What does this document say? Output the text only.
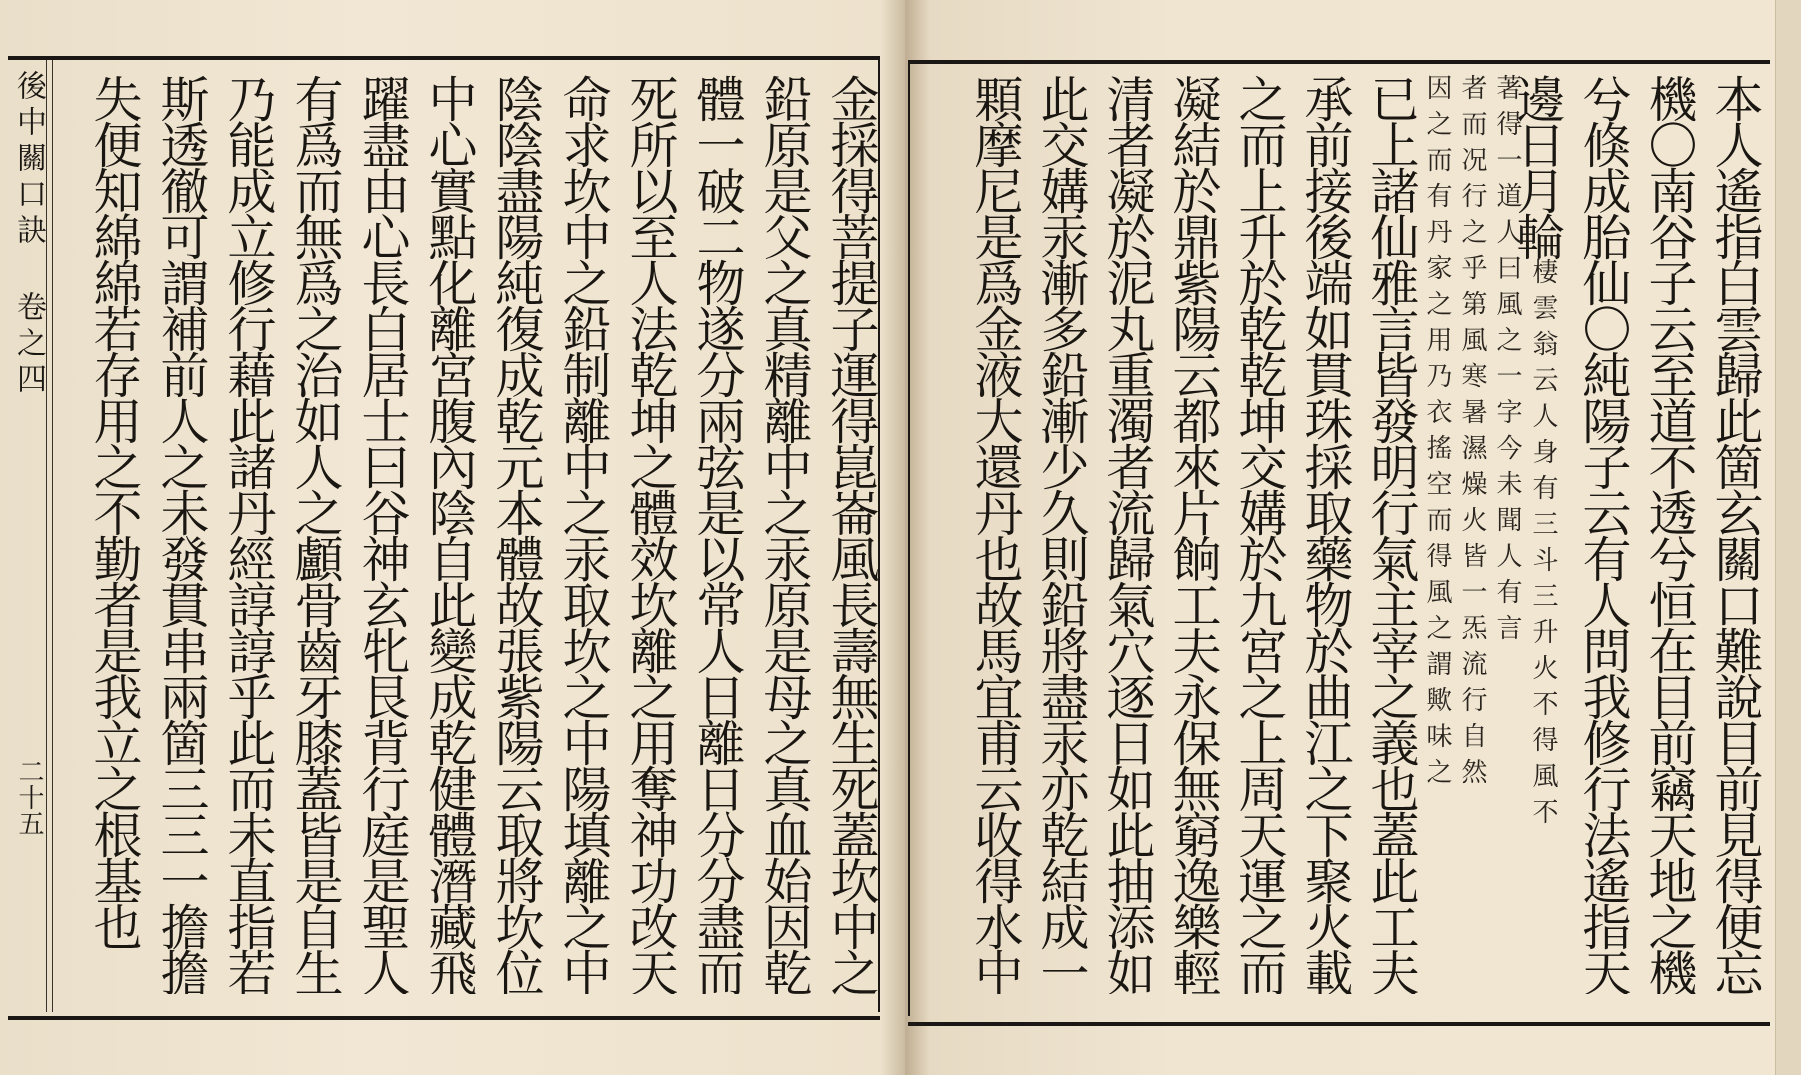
後中關口訣 卷之四
二十五	金採得菩提子運得崑崙風長壽無生死蓋坎中之
鉛原是父之真精離中之汞原是母之真血始因乾
體一破二物遂分兩弦是以常人日離日分分盡而
死所以至人法乾坤之體效坎離之用奪神功改天
命求坎中之鉛制離中之汞取坎之中陽填離之中
陰陰盡陽純復成乾元本體故張紫陽云取將坎位
中心實點化離宮腹內陰自此變成乾健體潛藏飛
躍盡由心長白居士曰谷神玄牝艮背行庭是聖人
有爲而無爲之治如人之顱骨齒牙膝蓋皆是自生
乃能成立修行藉此諸丹經諄諄乎此而未直指若
斯透徹可謂補前人之未發貫串兩箇三三一擔擔
失便知綿綿若存用之不勤者是我立之根基也	本人遙指白雲歸此箇玄關口難說目前見得便忘
機〇南谷子云至道不透兮恒在目前竊天地之機
兮倏成胎仙〇純陽子云有人問我修行法遙指天
邊日月輪
棲雲翁云人身有三斗三升火不得風不
著得一道人曰風之一字今未聞人有言
者而况行之乎第風寒暑濕燥火皆一炁流行自然
因之而有丹家之用乃衣搖空而得風之謂歟味之
已上諸仙雅言皆發明行氣主宰之義也蓋此工夫
承前接後端如貫珠採取藥物於曲江之下聚火載
之而上升於乾乾坤交媾於九宮之上周天運之而
凝結於鼎紫陽云都來片餉工夫永保無窮逸樂輕
清者凝於泥丸重濁者流歸氣穴逐日如此抽添如
此交媾汞漸多鉛漸少久則鉛將盡汞亦乾結成一
顆摩尼是爲金液大還丹也故馬宜甫云收得水中
